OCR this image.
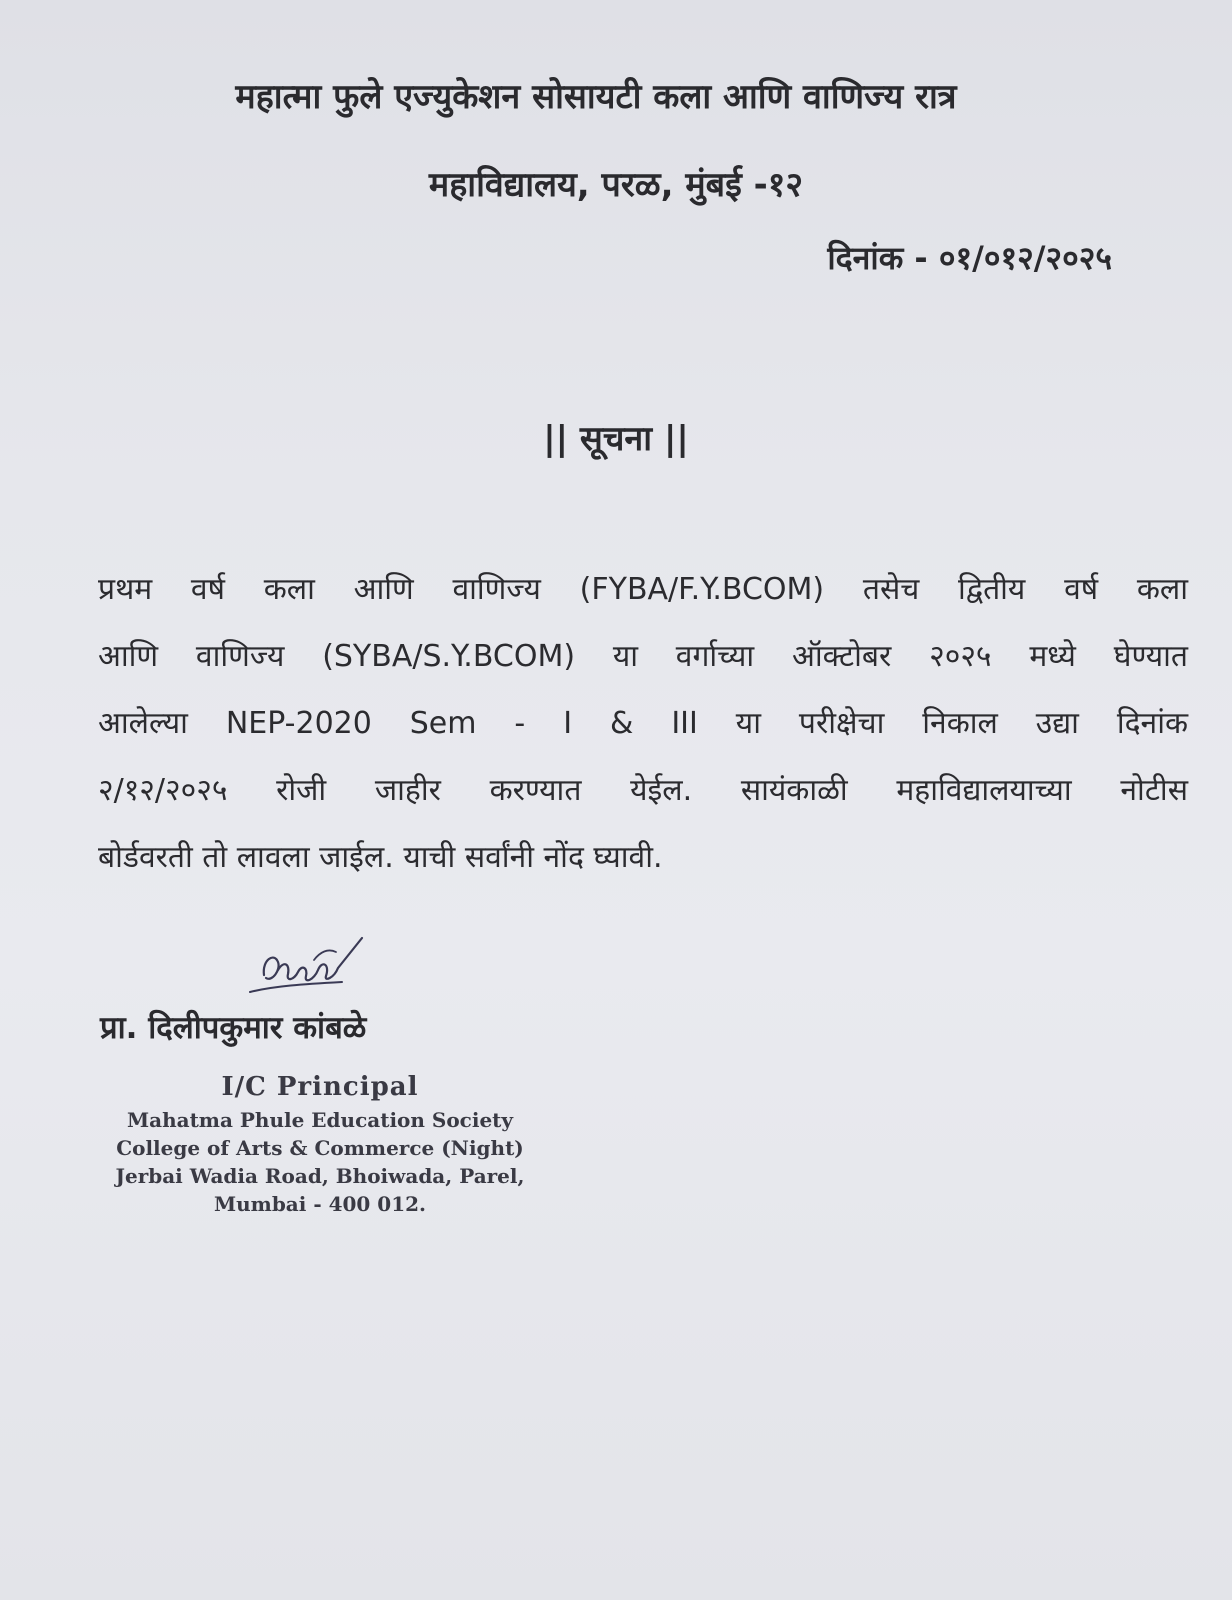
महात्मा फुले एज्युकेशन सोसायटी कला आणि वाणिज्य रात्र
महाविद्यालय, परळ, मुंबई -१२
दिनांक - ०१/०१२/२०२५
|| सूचना ||
प्रथम वर्ष कला आणि वाणिज्य (FYBA/F.Y.BCOM) तसेच द्वितीय वर्ष कला
आणि वाणिज्य (SYBA/S.Y.BCOM) या वर्गाच्या ऑक्टोबर २०२५ मध्ये घेण्यात
आलेल्या NEP-2020 Sem - I & III या परीक्षेचा निकाल उद्या दिनांक
२/१२/२०२५ रोजी जाहीर करण्यात येईल. सायंकाळी महाविद्यालयाच्या नोटीस
बोर्डवरती तो लावला जाईल. याची सर्वांनी नोंद घ्यावी.
प्रा. दिलीपकुमार कांबळे
I/C Principal
Mahatma Phule Education Society
College of Arts & Commerce (Night)
Jerbai Wadia Road, Bhoiwada, Parel,
Mumbai - 400 012.
